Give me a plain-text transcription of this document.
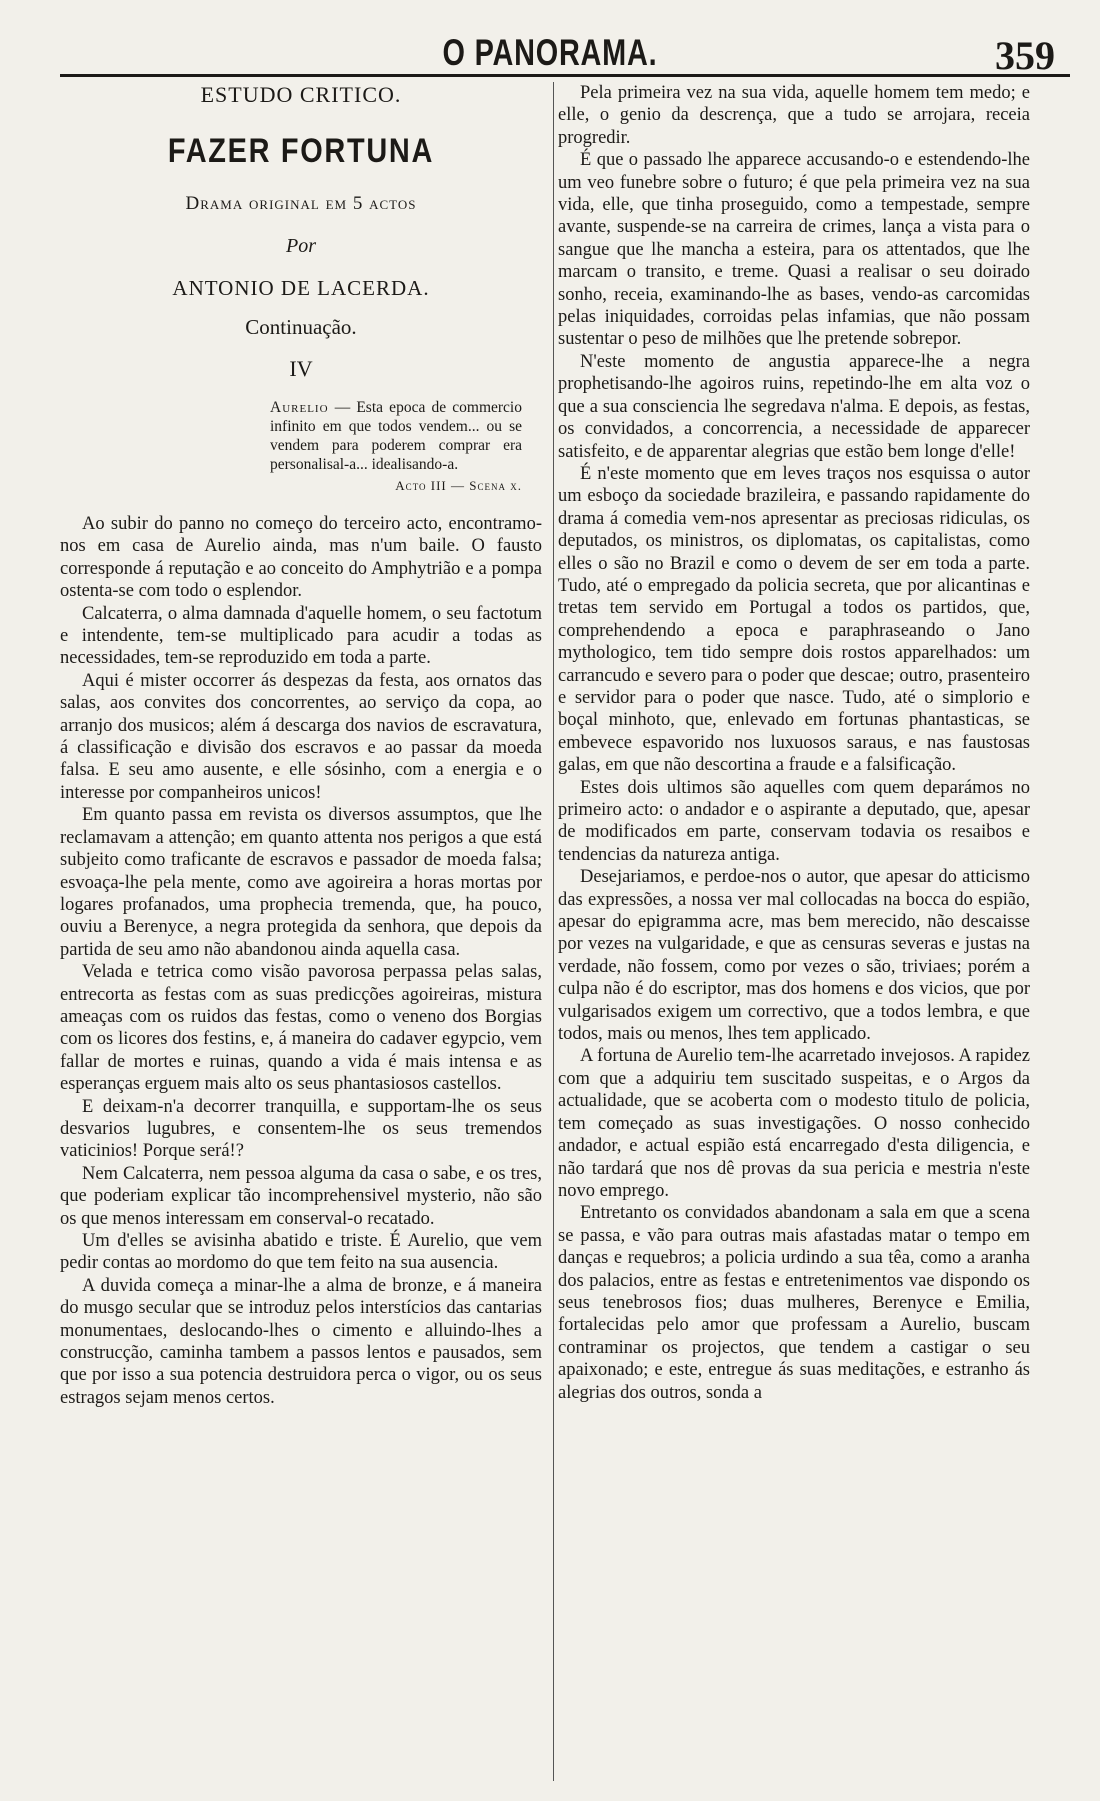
O PANORAMA.	359
ESTUDO CRITICO.
FAZER FORTUNA
Drama original em 5 actos
Por
ANTONIO DE LACERDA.
Continuação.
IV
Aurelio — Esta epoca de commercio infinito em que todos vendem... ou se vendem para poderem comprar era personalisal-a... idealisando-a.
Acto III — Scena x.

Ao subir do panno no começo do terceiro acto, encontramo-nos em casa de Aurelio ainda, mas n'um baile. O fausto corresponde á reputação e ao conceito do Amphytrião e a pompa ostenta-se com todo o esplendor.

Calcaterra, o alma damnada d'aquelle homem, o seu factotum e intendente, tem-se multiplicado para acudir a todas as necessidades, tem-se reproduzido em toda a parte.

Aqui é mister occorrer ás despezas da festa, aos ornatos das salas, aos convites dos concorrentes, ao serviço da copa, ao arranjo dos musicos; além á descarga dos navios de escravatura, á classificação e divisão dos escravos e ao passar da moeda falsa. E seu amo ausente, e elle sósinho, com a energia e o interesse por companheiros unicos!

Em quanto passa em revista os diversos assumptos, que lhe reclamavam a attenção; em quanto attenta nos perigos a que está subjeito como traficante de escravos e passador de moeda falsa; esvoaça-lhe pela mente, como ave agoireira a horas mortas por logares profanados, uma prophecia tremenda, que, ha pouco, ouviu a Berenyce, a negra protegida da senhora, que depois da partida de seu amo não abandonou ainda aquella casa.

Velada e tetrica como visão pavorosa perpassa pelas salas, entrecorta as festas com as suas predicções agoireiras, mistura ameaças com os ruidos das festas, como o veneno dos Borgias com os licores dos festins, e, á maneira do cadaver egypcio, vem fallar de mortes e ruinas, quando a vida é mais intensa e as esperanças erguem mais alto os seus phantasiosos castellos.

E deixam-n'a decorrer tranquilla, e supportam-lhe os seus desvarios lugubres, e consentem-lhe os seus tremendos vaticinios! Porque será!?

Nem Calcaterra, nem pessoa alguma da casa o sabe, e os tres, que poderiam explicar tão incomprehensivel mysterio, não são os que menos interessam em conserval-o recatado.

Um d'elles se avisinha abatido e triste. É Aurelio, que vem pedir contas ao mordomo do que tem feito na sua ausencia.

A duvida começa a minar-lhe a alma de bronze, e á maneira do musgo secular que se introduz pelos interstícios das cantarias monumentaes, deslocando-lhes o cimento e alluindo-lhes a construcção, caminha tambem a passos lentos e pausados, sem que por isso a sua potencia destruidora perca o vigor, ou os seus estragos sejam menos certos.

Pela primeira vez na sua vida, aquelle homem tem medo; e elle, o genio da descrença, que a tudo se arrojara, receia progredir.

É que o passado lhe apparece accusando-o e estendendo-lhe um veo funebre sobre o futuro; é que pela primeira vez na sua vida, elle, que tinha proseguido, como a tempestade, sempre avante, suspende-se na carreira de crimes, lança a vista para o sangue que lhe mancha a esteira, para os attentados, que lhe marcam o transito, e treme. Quasi a realisar o seu doirado sonho, receia, examinando-lhe as bases, vendo-as carcomidas pelas iniquidades, corroidas pelas infamias, que não possam sustentar o peso de milhões que lhe pretende sobrepor.

N'este momento de angustia apparece-lhe a negra prophetisando-lhe agoiros ruins, repetindo-lhe em alta voz o que a sua consciencia lhe segredava n'alma. E depois, as festas, os convidados, a concorrencia, a necessidade de apparecer satisfeito, e de apparentar alegrias que estão bem longe d'elle!

É n'este momento que em leves traços nos esquissa o autor um esboço da sociedade brazileira, e passando rapidamente do drama á comedia vem-nos apresentar as preciosas ridiculas, os deputados, os ministros, os diplomatas, os capitalistas, como elles o são no Brazil e como o devem de ser em toda a parte. Tudo, até o empregado da policia secreta, que por alicantinas e tretas tem servido em Portugal a todos os partidos, que, comprehendendo a epoca e paraphraseando o Jano mythologico, tem tido sempre dois rostos apparelhados: um carrancudo e severo para o poder que descae; outro, prasenteiro e servidor para o poder que nasce. Tudo, até o simplorio e boçal minhoto, que, enlevado em fortunas phantasticas, se embevece espavorido nos luxuosos saraus, e nas faustosas galas, em que não descortina a fraude e a falsificação.

Estes dois ultimos são aquelles com quem deparámos no primeiro acto: o andador e o aspirante a deputado, que, apesar de modificados em parte, conservam todavia os resaibos e tendencias da natureza antiga.

Desejariamos, e perdoe-nos o autor, que apesar do atticismo das expressões, a nossa ver mal collocadas na bocca do espião, apesar do epigramma acre, mas bem merecido, não descaisse por vezes na vulgaridade, e que as censuras severas e justas na verdade, não fossem, como por vezes o são, triviaes; porém a culpa não é do escriptor, mas dos homens e dos vicios, que por vulgarisados exigem um correctivo, que a todos lembra, e que todos, mais ou menos, lhes tem applicado.

A fortuna de Aurelio tem-lhe acarretado invejosos. A rapidez com que a adquiriu tem suscitado suspeitas, e o Argos da actualidade, que se acoberta com o modesto titulo de policia, tem começado as suas investigações. O nosso conhecido andador, e actual espião está encarregado d'esta diligencia, e não tardará que nos dê provas da sua pericia e mestria n'este novo emprego.

Entretanto os convidados abandonam a sala em que a scena se passa, e vão para outras mais afastadas matar o tempo em danças e requebros; a policia urdindo a sua têa, como a aranha dos palacios, entre as festas e entretenimentos vae dispondo os seus tenebrosos fios; duas mulheres, Berenyce e Emilia, fortalecidas pelo amor que professam a Aurelio, buscam contraminar os projectos, que tendem a castigar o seu apaixonado; e este, entregue ás suas meditações, e estranho ás alegrias dos outros, sonda a
